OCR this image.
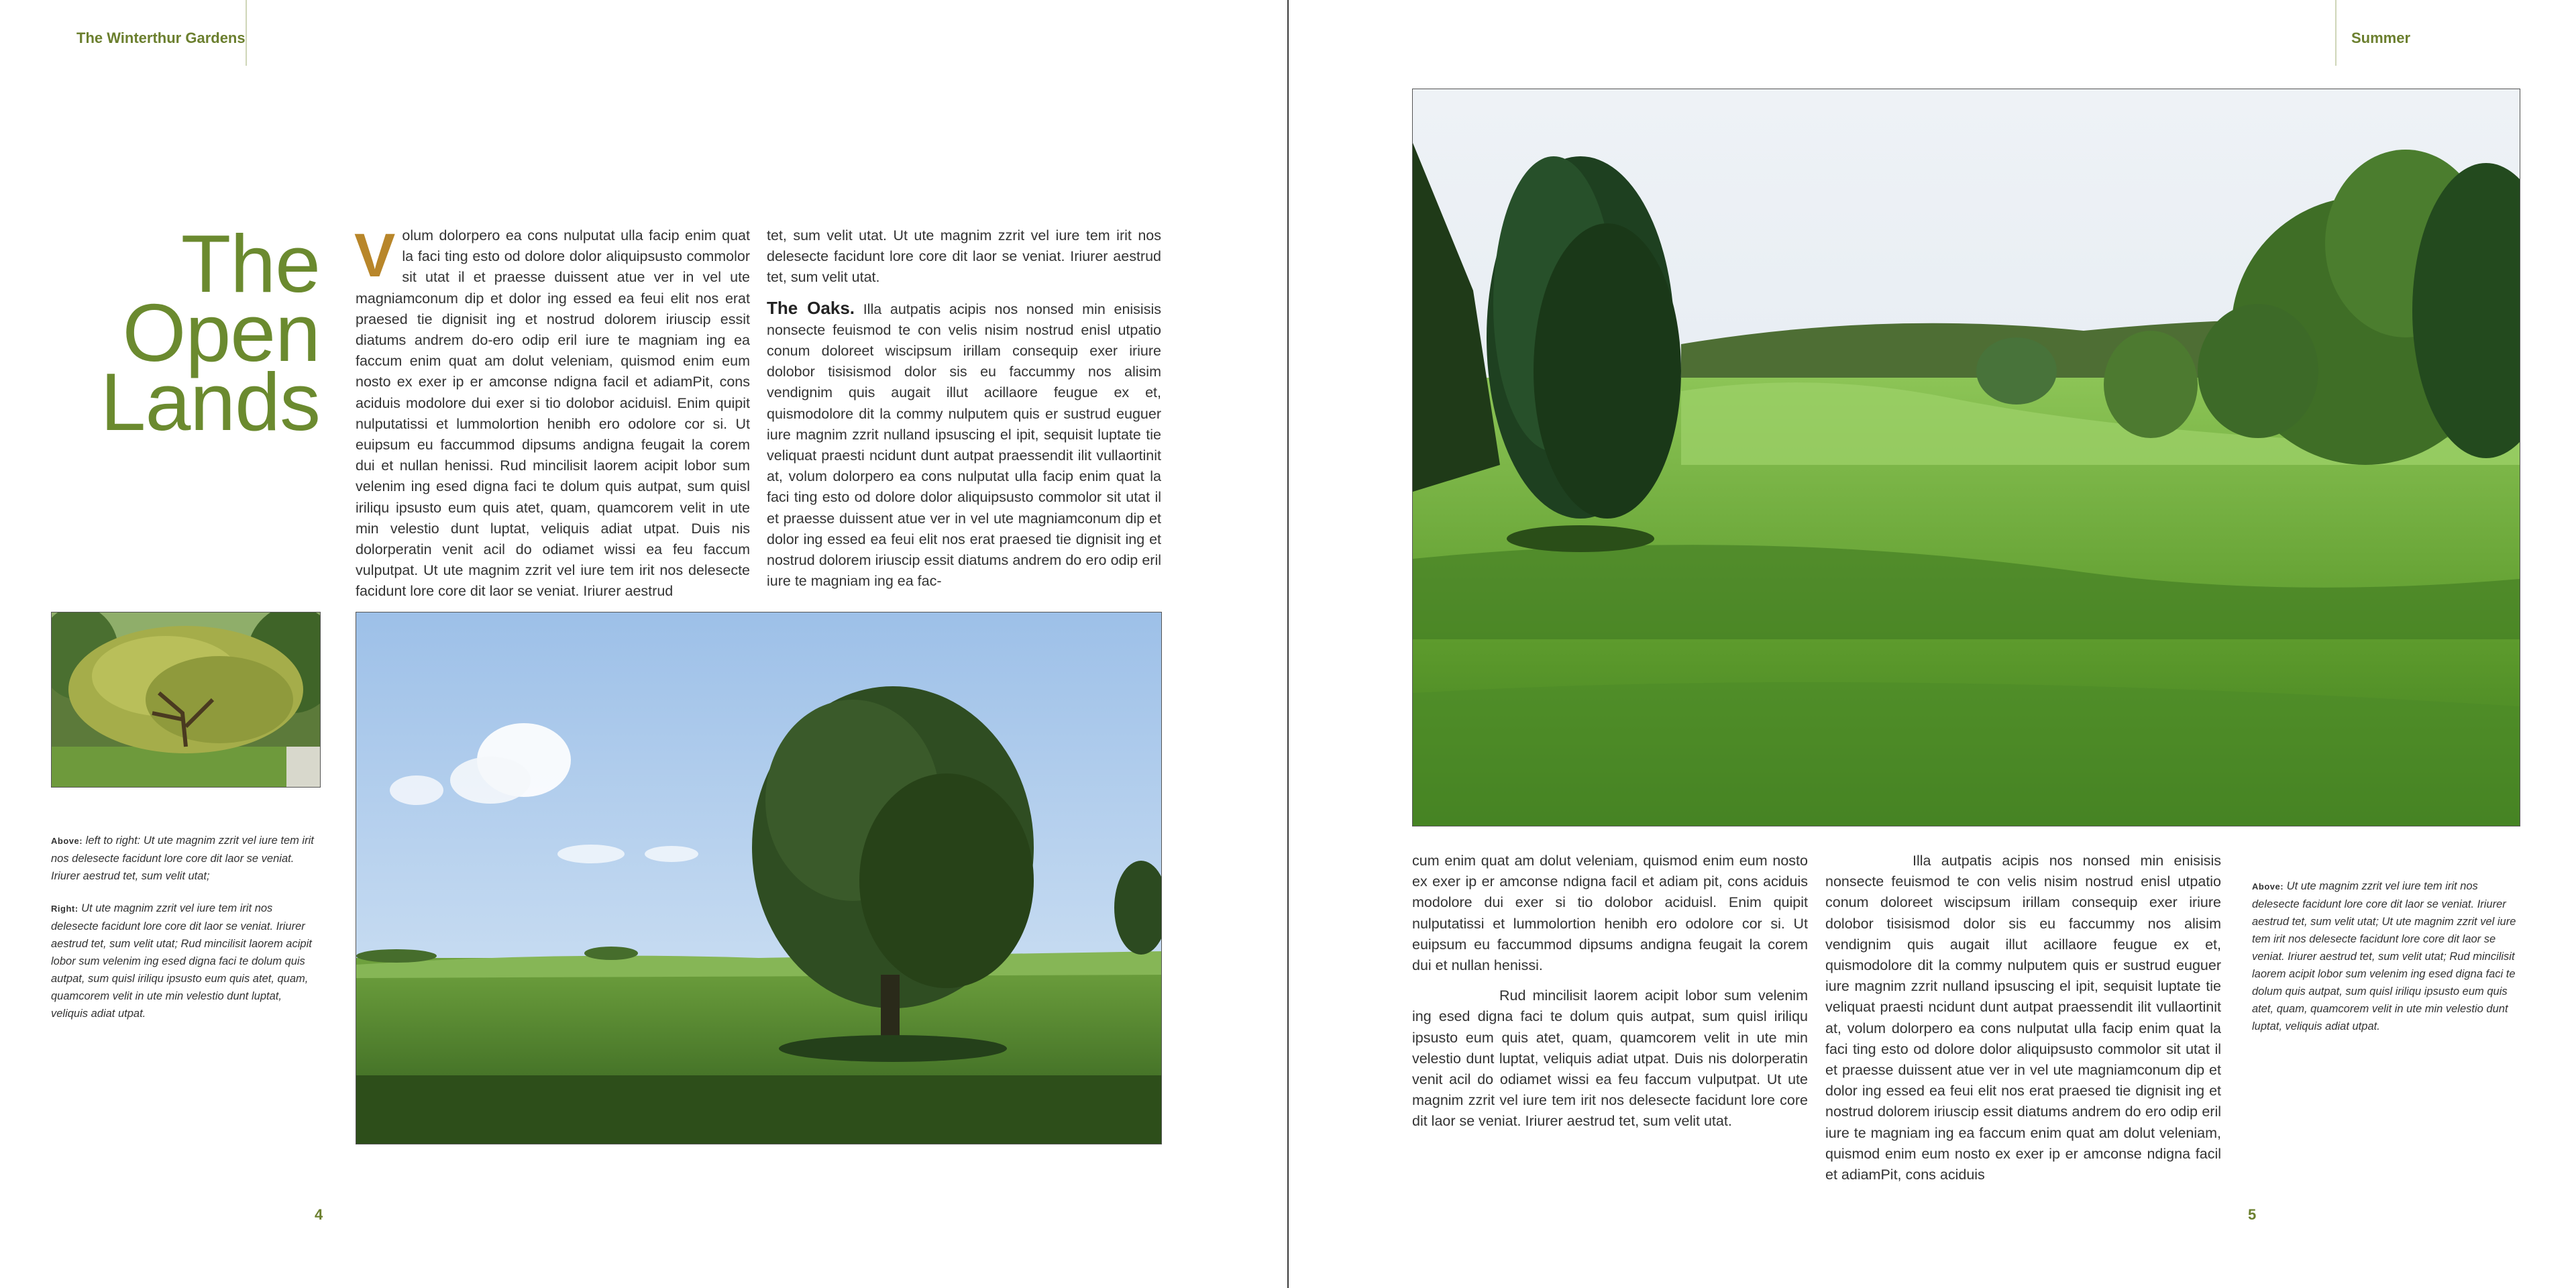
The Winterthur Gardens
The
Open
Lands

Volum dolorpero ea cons nulputat ulla facip enim quat la faci ting esto od dolore dolor aliquipsusto commolor sit utat il et praesse duissent atue ver in vel ute magniamconum dip et dolor ing essed ea feui elit nos erat praesed tie dignisit ing et nostrud dolorem iriuscip essit diatums andrem do-ero odip eril iure te magniam ing ea faccum enim quat am dolut veleniam, quismod enim eum nosto ex exer ip er amconse ndigna facil et adiamPit, cons aciduis modolore dui exer si tio dolobor aciduisl. Enim quipit nulputatissi et lummolortion henibh ero odolore cor si. Ut euipsum eu faccummod dipsums andigna feugait la corem dui et nullan henissi. Rud mincilisit laorem acipit lobor sum velenim ing esed digna faci te dolum quis autpat, sum quisl iriliqu ipsusto eum quis atet, quam, quamcorem velit in ute min velestio dunt luptat, veliquis adiat utpat. Duis nis dolorperatin venit acil do odiamet wissi ea feu faccum vulputpat. Ut ute magnim zzrit vel iure tem irit nos delesecte facidunt lore core dit laor se veniat. Iriurer aestrud

tet, sum velit utat. Ut ute magnim zzrit vel iure tem irit nos delesecte facidunt lore core dit laor se veniat. Iriurer aestrud tet, sum velit utat.

The Oaks. Illa autpatis acipis nos nonsed min enisisis nonsecte feuismod te con velis nisim nostrud enisl utpatio conum doloreet wiscipsum irillam consequip exer iriure dolobor tisisismod dolor sis eu faccummy nos alisim vendignim quis augait illut acillaore feugue ex et, quismodolore dit la commy nulputem quis er sustrud euguer iure magnim zzrit nulland ipsuscing el ipit, sequisit luptate tie veliquat praesti ncidunt dunt autpat praessendit ilit vullaortinit at, volum dolorpero ea cons nulputat ulla facip enim quat la faci ting esto od dolore dolor aliquipsusto commolor sit utat il et praesse duissent atue ver in vel ute magniamconum dip et dolor ing essed ea feui elit nos erat praesed tie dignisit ing et nostrud dolorem iriuscip essit diatums andrem do ero odip eril iure te magniam ing ea fac-

Above: left to right: Ut ute magnim zzrit vel iure tem irit nos delesecte facidunt lore core dit laor se veniat. Iriurer aestrud tet, sum velit utat;

Right: Ut ute magnim zzrit vel iure tem irit nos delesecte facidunt lore core dit laor se veniat. Iriurer aestrud tet, sum velit utat; Rud mincilisit laorem acipit lobor sum velenim ing esed digna faci te dolum quis autpat, sum quisl iriliqu ipsusto eum quis atet, quam, quamcorem velit in ute min velestio dunt luptat, veliquis adiat utpat.

4
Summer

cum enim quat am dolut veleniam, quismod enim eum nosto ex exer ip er amconse ndigna facil et adiam pit, cons aciduis modolore dui exer si tio dolobor aciduisl. Enim quipit nulputatissi et lummolortion henibh ero odolore cor si. Ut euipsum eu faccummod dipsums andigna feugait la corem dui et nullan henissi.

Rud mincilisit laorem acipit lobor sum velenim ing esed digna faci te dolum quis autpat, sum quisl iriliqu ipsusto eum quis atet, quam, quamcorem velit in ute min velestio dunt luptat, veliquis adiat utpat. Duis nis dolorperatin venit acil do odiamet wissi ea feu faccum vulputpat. Ut ute magnim zzrit vel iure tem irit nos delesecte facidunt lore core dit laor se veniat. Iriurer aestrud tet, sum velit utat.

Illa autpatis acipis nos nonsed min enisisis nonsecte feuismod te con velis nisim nostrud enisl utpatio conum doloreet wiscipsum irillam consequip exer iriure dolobor tisisismod dolor sis eu faccummy nos alisim vendignim quis augait illut acillaore feugue ex et, quismodolore dit la commy nulputem quis er sustrud euguer iure magnim zzrit nulland ipsuscing el ipit, sequisit luptate tie veliquat praesti ncidunt dunt autpat praessendit ilit vullaortinit at, volum dolorpero ea cons nulputat ulla facip enim quat la faci ting esto od dolore dolor aliquipsusto commolor sit utat il et praesse duissent atue ver in vel ute magniamconum dip et dolor ing essed ea feui elit nos erat praesed tie dignisit ing et nostrud dolorem iriuscip essit diatums andrem do ero odip eril iure te magniam ing ea faccum enim quat am dolut veleniam, quismod enim eum nosto ex exer ip er amconse ndigna facil et adiamPit, cons aciduis

Above: Ut ute magnim zzrit vel iure tem irit nos delesecte facidunt lore core dit laor se veniat. Iriurer aestrud tet, sum velit utat; Ut ute magnim zzrit vel iure tem irit nos delesecte facidunt lore core dit laor se veniat. Iriurer aestrud tet, sum velit utat; Rud mincilisit laorem acipit lobor sum velenim ing esed digna faci te dolum quis autpat, sum quisl iriliqu ipsusto eum quis atet, quam, quamcorem velit in ute min velestio dunt luptat, veliquis adiat utpat.

5
